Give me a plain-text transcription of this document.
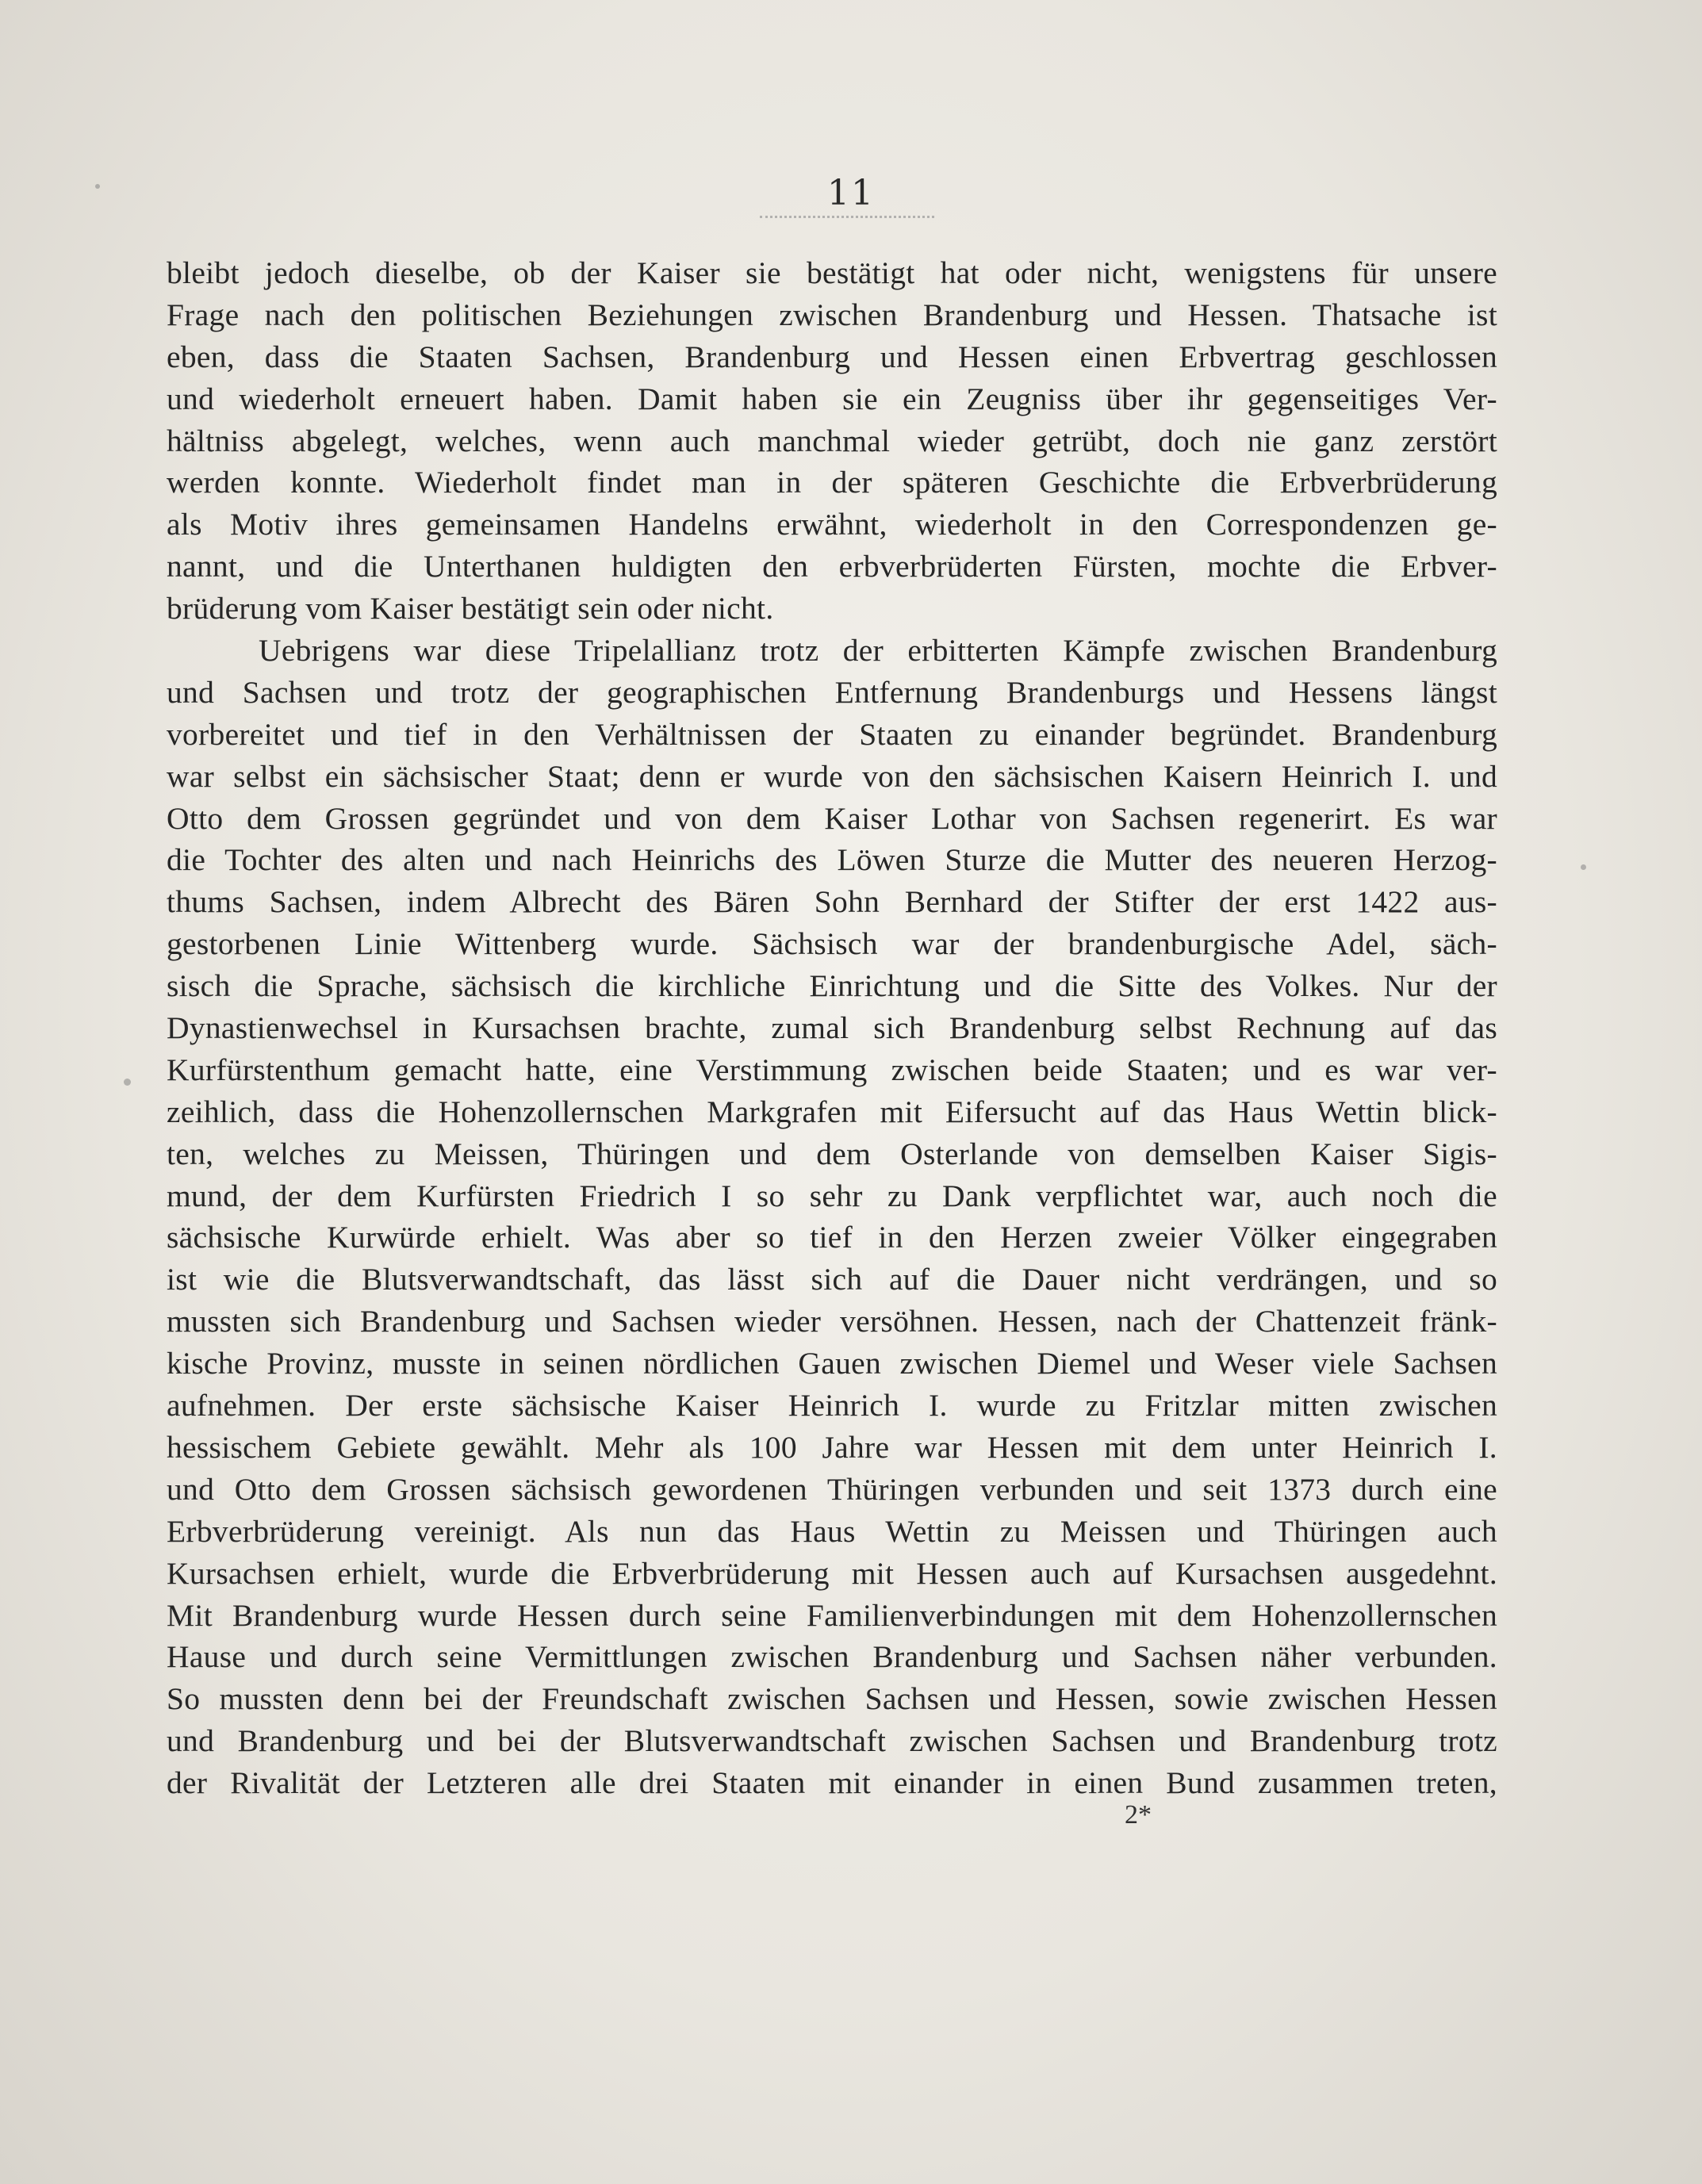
11
bleibt jedoch dieselbe, ob der Kaiser sie bestätigt hat oder nicht, wenigstens für unsere
Frage nach den politischen Beziehungen zwischen Brandenburg und Hessen. Thatsache ist
eben, dass die Staaten Sachsen, Brandenburg und Hessen einen Erbvertrag geschlossen
und wiederholt erneuert haben. Damit haben sie ein Zeugniss über ihr gegenseitiges Ver-
hältniss abgelegt, welches, wenn auch manchmal wieder getrübt, doch nie ganz zerstört
werden konnte. Wiederholt findet man in der späteren Geschichte die Erbverbrüderung
als Motiv ihres gemeinsamen Handelns erwähnt, wiederholt in den Correspondenzen ge-
nannt, und die Unterthanen huldigten den erbverbrüderten Fürsten, mochte die Erbver-
brüderung vom Kaiser bestätigt sein oder nicht.
Uebrigens war diese Tripelallianz trotz der erbitterten Kämpfe zwischen Brandenburg
und Sachsen und trotz der geographischen Entfernung Brandenburgs und Hessens längst
vorbereitet und tief in den Verhältnissen der Staaten zu einander begründet. Brandenburg
war selbst ein sächsischer Staat; denn er wurde von den sächsischen Kaisern Heinrich I. und
Otto dem Grossen gegründet und von dem Kaiser Lothar von Sachsen regenerirt. Es war
die Tochter des alten und nach Heinrichs des Löwen Sturze die Mutter des neueren Herzog-
thums Sachsen, indem Albrecht des Bären Sohn Bernhard der Stifter der erst 1422 aus-
gestorbenen Linie Wittenberg wurde. Sächsisch war der brandenburgische Adel, säch-
sisch die Sprache, sächsisch die kirchliche Einrichtung und die Sitte des Volkes. Nur der
Dynastienwechsel in Kursachsen brachte, zumal sich Brandenburg selbst Rechnung auf das
Kurfürstenthum gemacht hatte, eine Verstimmung zwischen beide Staaten; und es war ver-
zeihlich, dass die Hohenzollernschen Markgrafen mit Eifersucht auf das Haus Wettin blick-
ten, welches zu Meissen, Thüringen und dem Osterlande von demselben Kaiser Sigis-
mund, der dem Kurfürsten Friedrich I so sehr zu Dank verpflichtet war, auch noch die
sächsische Kurwürde erhielt. Was aber so tief in den Herzen zweier Völker eingegraben
ist wie die Blutsverwandtschaft, das lässt sich auf die Dauer nicht verdrängen, und so
mussten sich Brandenburg und Sachsen wieder versöhnen. Hessen, nach der Chattenzeit fränk-
kische Provinz, musste in seinen nördlichen Gauen zwischen Diemel und Weser viele Sachsen
aufnehmen. Der erste sächsische Kaiser Heinrich I. wurde zu Fritzlar mitten zwischen
hessischem Gebiete gewählt. Mehr als 100 Jahre war Hessen mit dem unter Heinrich I.
und Otto dem Grossen sächsisch gewordenen Thüringen verbunden und seit 1373 durch eine
Erbverbrüderung vereinigt. Als nun das Haus Wettin zu Meissen und Thüringen auch
Kursachsen erhielt, wurde die Erbverbrüderung mit Hessen auch auf Kursachsen ausgedehnt.
Mit Brandenburg wurde Hessen durch seine Familienverbindungen mit dem Hohenzollernschen
Hause und durch seine Vermittlungen zwischen Brandenburg und Sachsen näher verbunden.
So mussten denn bei der Freundschaft zwischen Sachsen und Hessen, sowie zwischen Hessen
und Brandenburg und bei der Blutsverwandtschaft zwischen Sachsen und Brandenburg trotz
der Rivalität der Letzteren alle drei Staaten mit einander in einen Bund zusammen treten,
2*
